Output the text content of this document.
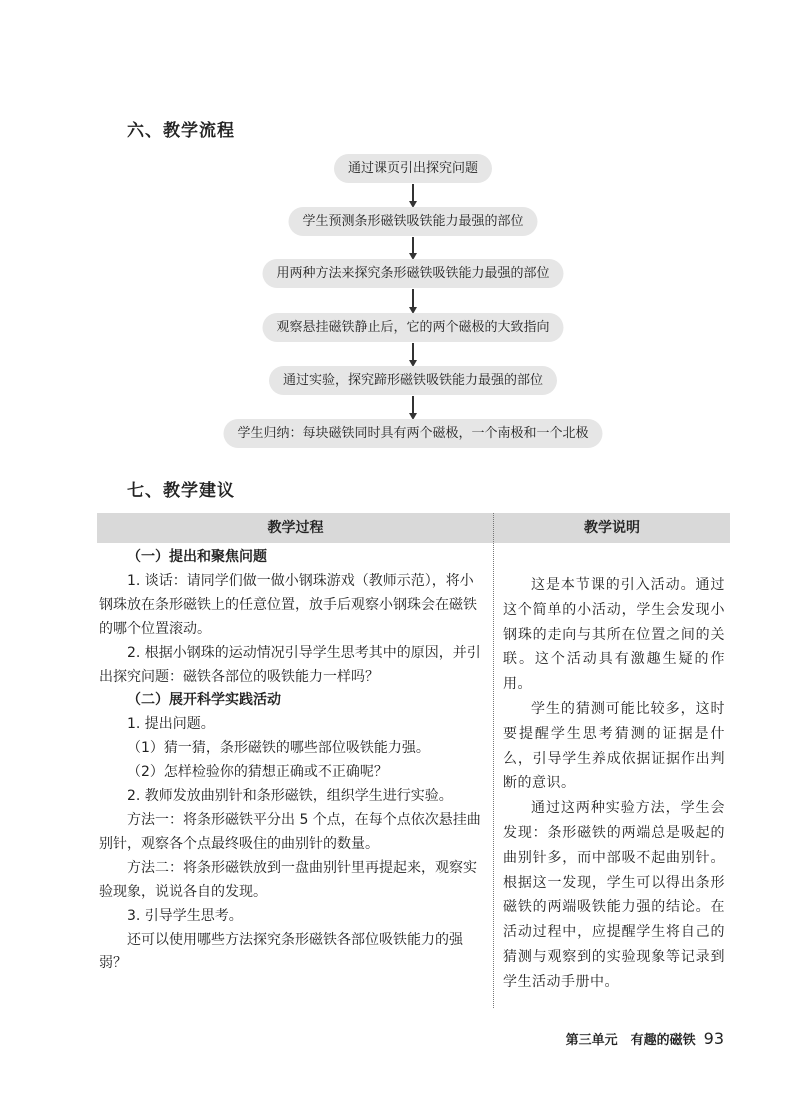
六、教学流程
通过课页引出探究问题
学生预测条形磁铁吸铁能力最强的部位
用两种方法来探究条形磁铁吸铁能力最强的部位
观察悬挂磁铁静止后，它的两个磁极的大致指向
通过实验，探究蹄形磁铁吸铁能力最强的部位
学生归纳：每块磁铁同时具有两个磁极，一个南极和一个北极
七、教学建议
教学过程	教学说明

（一）提出和聚焦问题

1. 谈话：请同学们做一做小钢珠游戏（教师示范），将小钢珠放在条形磁铁上的任意位置，放手后观察小钢珠会在磁铁的哪个位置滚动。

2. 根据小钢珠的运动情况引导学生思考其中的原因，并引出探究问题：磁铁各部位的吸铁能力一样吗？

（二）展开科学实践活动

1. 提出问题。

（1）猜一猜，条形磁铁的哪些部位吸铁能力强。

（2）怎样检验你的猜想正确或不正确呢？

2. 教师发放曲别针和条形磁铁，组织学生进行实验。

方法一：将条形磁铁平分出 5 个点，在每个点依次悬挂曲别针，观察各个点最终吸住的曲别针的数量。

方法二：将条形磁铁放到一盘曲别针里再提起来，观察实验现象，说说各自的发现。

3. 引导学生思考。

还可以使用哪些方法探究条形磁铁各部位吸铁能力的强弱？

这是本节课的引入活动。通过这个简单的小活动，学生会发现小钢珠的走向与其所在位置之间的关联。这个活动具有激趣生疑的作用。

学生的猜测可能比较多，这时要提醒学生思考猜测的证据是什么，引导学生养成依据证据作出判断的意识。

通过这两种实验方法，学生会发现：条形磁铁的两端总是吸起的曲别针多，而中部吸不起曲别针。根据这一发现，学生可以得出条形磁铁的两端吸铁能力强的结论。在活动过程中，应提醒学生将自己的猜测与观察到的实验现象等记录到学生活动手册中。

第三单元　有趣的磁铁 93
